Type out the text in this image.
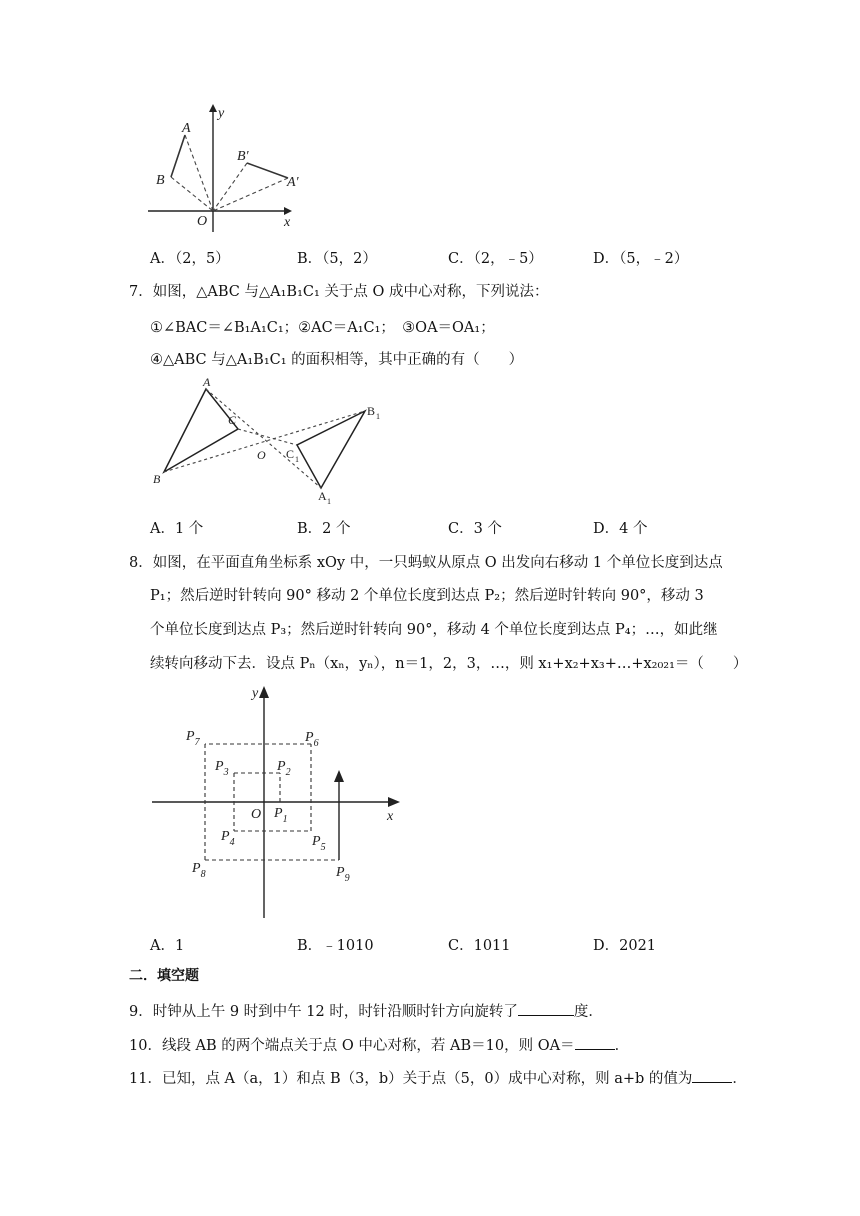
y
x
O
A
B
B′
A′
A．（2，5）	B．（5，2）	C．（2，﹣5）	D．（5，﹣2）
7．如图，△ABC 与△A₁B₁C₁ 关于点 O 成中心对称，下列说法：
①∠BAC＝∠B₁A₁C₁；②AC＝A₁C₁；　③OA＝OA₁；
④△ABC 与△A₁B₁C₁ 的面积相等，其中正确的有（　　）
A
B
C
O
B 1
C 1
A 1
A．1 个	B．2 个	C．3 个	D．4 个
8．如图，在平面直角坐标系 xOy 中，一只蚂蚁从原点 O 出发向右移动 1 个单位长度到达点
P₁；然后逆时针转向 90° 移动 2 个单位长度到达点 P₂；然后逆时针转向 90°，移动 3
个单位长度到达点 P₃；然后逆时针转向 90°，移动 4 个单位长度到达点 P₄；…，如此继
续转向移动下去．设点 Pₙ（xₙ，yₙ），n＝1，2，3，…，则 x₁+x₂+x₃+…+x₂₀₂₁＝（　　）
y
x
O $P_1$
$P_2$
$P_3$
$P_4$	$P_5$
$P_6$
$P_7$
$P_8$	$P_9$
A．1	B．﹣1010	C．1011	D．2021
二．填空题
9．时钟从上午 9 时到中午 12 时，时针沿顺时针方向旋转了	度．
10．线段 AB 的两个端点关于点 O 中心对称，若 AB＝10，则 OA＝	．
11．已知，点 A（a，1）和点 B（3，b）关于点（5，0）成中心对称，则 a+b 的值为	．
